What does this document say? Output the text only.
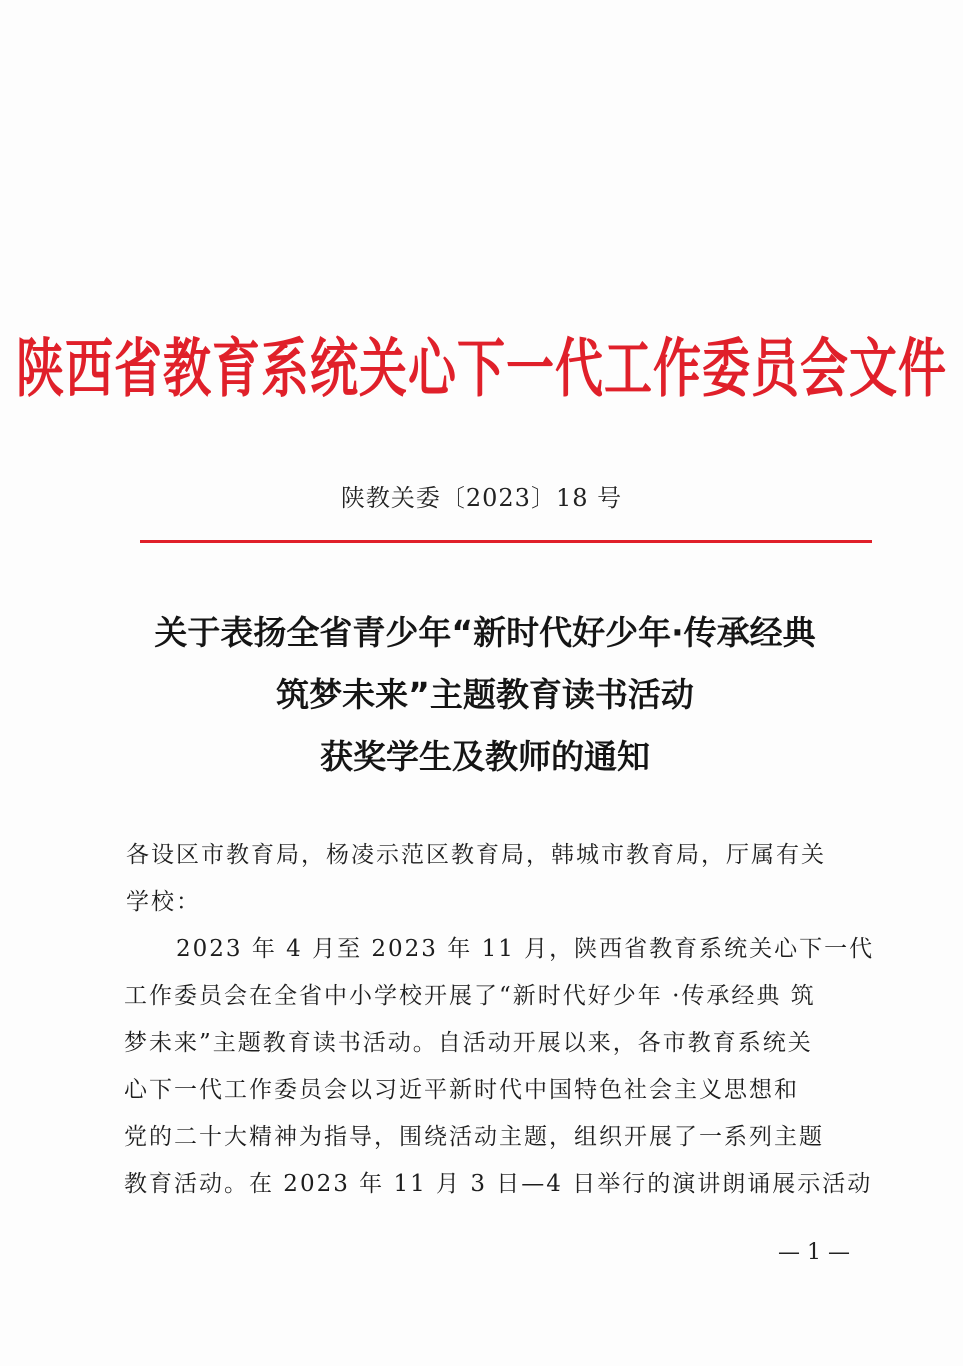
陕西省教育系统关心下一代工作委员会文件
陕教关委〔2023〕18 号
关于表扬全省青少年“新时代好少年·传承经典
筑梦未来”主题教育读书活动
获奖学生及教师的通知
各设区市教育局，杨凌示范区教育局，韩城市教育局，厅属有关
学校：
2023 年 4 月至 2023 年 11 月，陕西省教育系统关心下一代
工作委员会在全省中小学校开展了“新时代好少年 ·传承经典 筑
梦未来”主题教育读书活动。自活动开展以来，各市教育系统关
心下一代工作委员会以习近平新时代中国特色社会主义思想和
党的二十大精神为指导，围绕活动主题，组织开展了一系列主题
教育活动。在 2023 年 11 月 3 日—4 日举行的演讲朗诵展示活动
— 1 —
